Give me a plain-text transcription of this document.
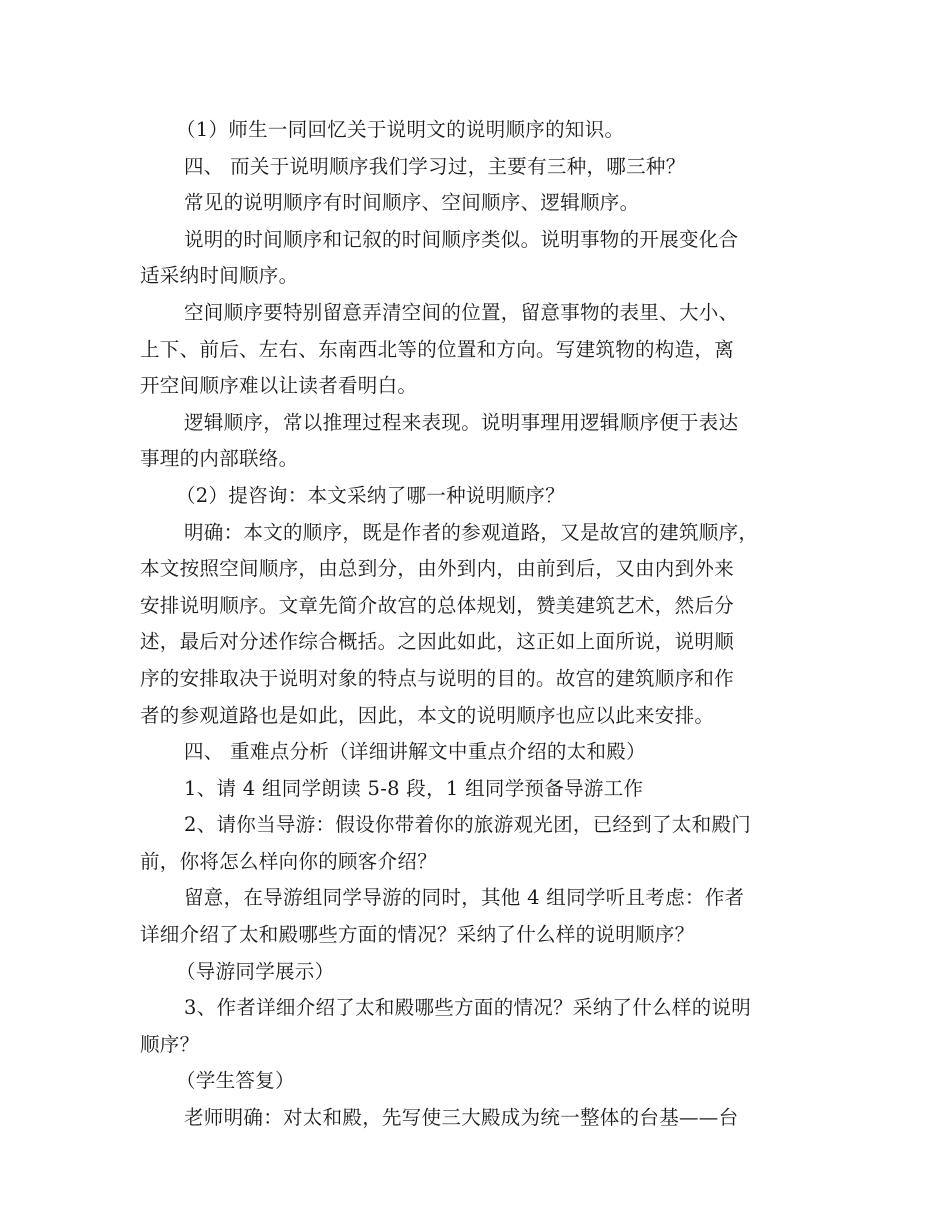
（1）师生一同回忆关于说明文的说明顺序的知识。
四、 而关于说明顺序我们学习过，主要有三种，哪三种？
常见的说明顺序有时间顺序、空间顺序、逻辑顺序。
说明的时间顺序和记叙的时间顺序类似。说明事物的开展变化合
适采纳时间顺序。
空间顺序要特别留意弄清空间的位置，留意事物的表里、大小、
上下、前后、左右、东南西北等的位置和方向。写建筑物的构造，离
开空间顺序难以让读者看明白。
逻辑顺序，常以推理过程来表现。说明事理用逻辑顺序便于表达
事理的内部联络。
（2）提咨询：本文采纳了哪一种说明顺序？
明确：本文的顺序，既是作者的参观道路，又是故宫的建筑顺序，
本文按照空间顺序，由总到分，由外到内，由前到后，又由内到外来
安排说明顺序。文章先简介故宫的总体规划，赞美建筑艺术，然后分
述，最后对分述作综合概括。之因此如此，这正如上面所说，说明顺
序的安排取决于说明对象的特点与说明的目的。故宫的建筑顺序和作
者的参观道路也是如此，因此，本文的说明顺序也应以此来安排。
四、 重难点分析（详细讲解文中重点介绍的太和殿）
1、请 4 组同学朗读 5-8 段，1 组同学预备导游工作
2、请你当导游：假设你带着你的旅游观光团，已经到了太和殿门
前，你将怎么样向你的顾客介绍？
留意，在导游组同学导游的同时，其他 4 组同学听且考虑：作者
详细介绍了太和殿哪些方面的情况？采纳了什么样的说明顺序？
（导游同学展示）
3、作者详细介绍了太和殿哪些方面的情况？采纳了什么样的说明
顺序？
（学生答复）
老师明确：对太和殿，先写使三大殿成为统一整体的台基——台
